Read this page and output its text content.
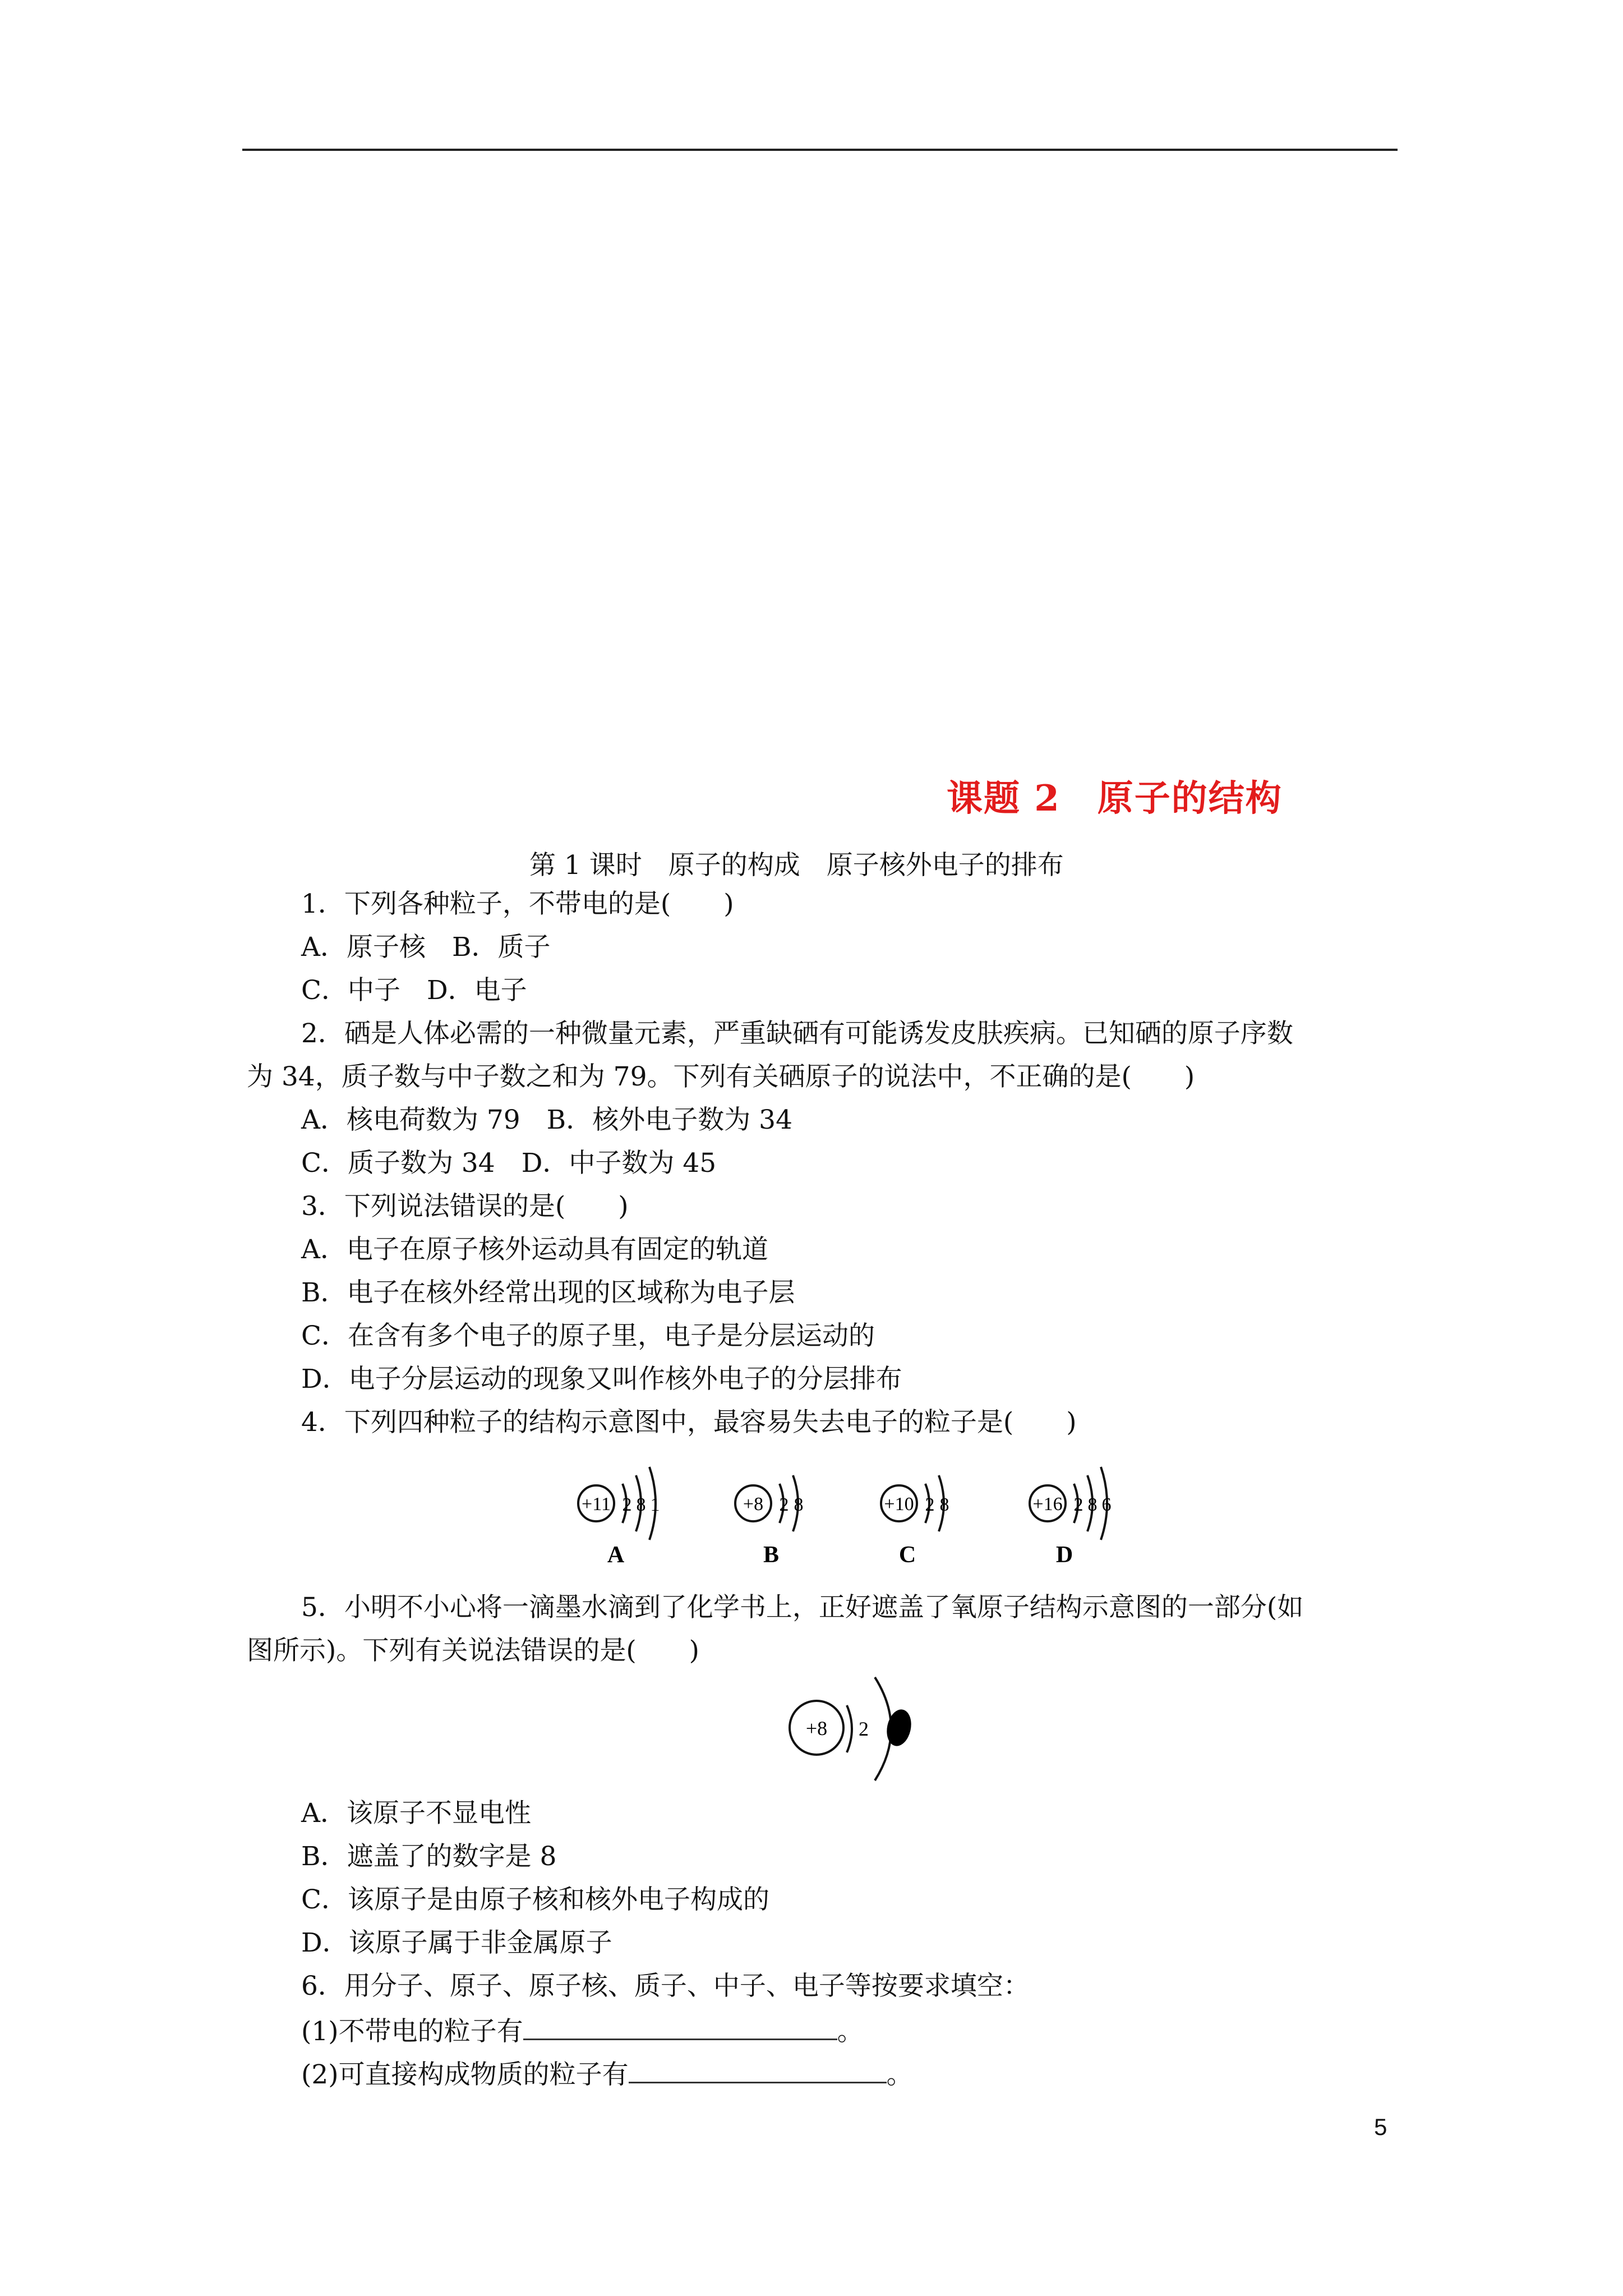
课题 2　原子的结构
第 1 课时　原子的构成　原子核外电子的排布
1．下列各种粒子，不带电的是(　　)
A．原子核　B．质子
C．中子　D．电子
2．硒是人体必需的一种微量元素，严重缺硒有可能诱发皮肤疾病。已知硒的原子序数
为 34，质子数与中子数之和为 79。下列有关硒原子的说法中，不正确的是(　　)
A．核电荷数为 79　B．核外电子数为 34
C．质子数为 34　D．中子数为 45
3．下列说法错误的是(　　)
A．电子在原子核外运动具有固定的轨道
B．电子在核外经常出现的区域称为电子层
C．在含有多个电子的原子里，电子是分层运动的
D．电子分层运动的现象又叫作核外电子的分层排布
4．下列四种粒子的结构示意图中，最容易失去电子的粒子是(　　)
+11 2 8 1
A
+8 2 8
B
+10 2 8
C
+16 2 8 6
D
+8 2
5．小明不小心将一滴墨水滴到了化学书上，正好遮盖了氧原子结构示意图的一部分(如
图所示)。下列有关说法错误的是(　　)
A．该原子不显电性
B．遮盖了的数字是 8
C．该原子是由原子核和核外电子构成的
D．该原子属于非金属原子
6．用分子、原子、原子核、质子、中子、电子等按要求填空：
(1)不带电的粒子有	。
(2)可直接构成物质的粒子有	。
5
